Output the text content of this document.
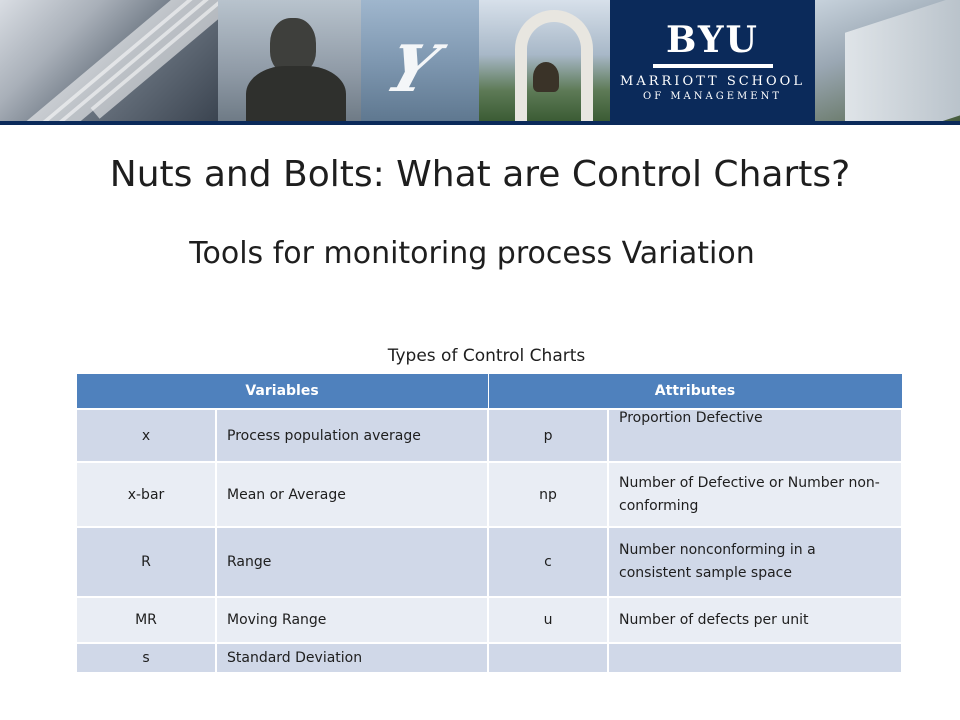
Y	BYU
MARRIOTT SCHOOL
OF MANAGEMENT
Nuts and Bolts: What are Control Charts?
Tools for monitoring process Variation
Types of Control Charts
Variables		Attributes	
x	Process population average	p	Proportion Defective
x-bar	Mean or Average	np	Number of Defective or Number non-conforming
R	Range	c	Number nonconforming in a consistent sample space
MR	Moving Range	u	Number of defects per unit
s	Standard Deviation		
